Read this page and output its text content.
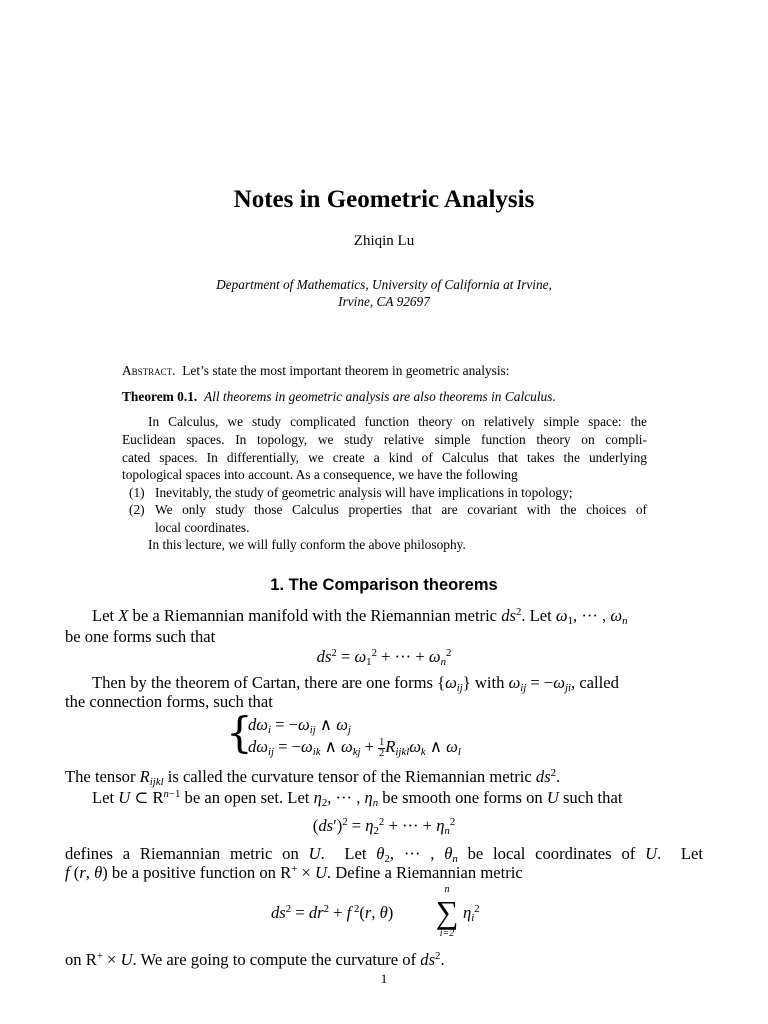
Notes in Geometric Analysis
Zhiqin Lu
Department of Mathematics, University of California at Irvine,
Irvine, CA 92697
Abstract. Let’s state the most important theorem in geometric analysis:
Theorem 0.1. All theorems in geometric analysis are also theorems in Calculus.
In Calculus, we study complicated function theory on relatively simple space: the
Euclidean spaces. In topology, we study relative simple function theory on compli-
cated spaces. In differentially, we create a kind of Calculus that takes the underlying
topological spaces into account. As a consequence, we have the following
(1) Inevitably, the study of geometric analysis will have implications in topology;
(2) We only study those Calculus properties that are covariant with the choices of
local coordinates.
In this lecture, we will fully conform the above philosophy.
1. The Comparison theorems
Let X be a Riemannian manifold with the Riemannian metric $ds^2$. Let $\omega_1$, ··· , $\omega_n$
be one forms such that
$ds^2 = \omega_1^2$ + ··· + $\omega_n^2$
Then by the theorem of Cartan, there are one forms $\{\omega_{ij}\}$ with $\omega_{ij} = -\omega_{ji}$, called
the connection forms, such that
{
$d\omega_i = -\omega_{ij}$ ∧ $\omega_j$
$d\omega_{ij} = -\omega_{ik}$ ∧ $\omega_{kj} + \frac{1}{2} R_{ijkl}\omega_k$ ∧ $\omega_l$
The tensor $R_{ijkl}$ is called the curvature tensor of the Riemannian metric $ds^2$.
Let U ⊂ $R^{n-1}$ be an open set. Let $\eta_2$, ··· , $\eta_n$ be smooth one forms on U such that
$(ds')^2 = \eta_2^2$ + ··· + $\eta_n^2$
defines a Riemannian metric on U.  Let $\theta_2$, ··· , $\theta_n$ be local coordinates of U.  Let
f (r, θ) be a positive function on R+ × U. Define a Riemannian metric
$ds^2 = dr^2 + f$ $^2$(r, θ)
n
∑
i=2
$\eta_i^2$
on R+ × U. We are going to compute the curvature of $ds^2$.
1
